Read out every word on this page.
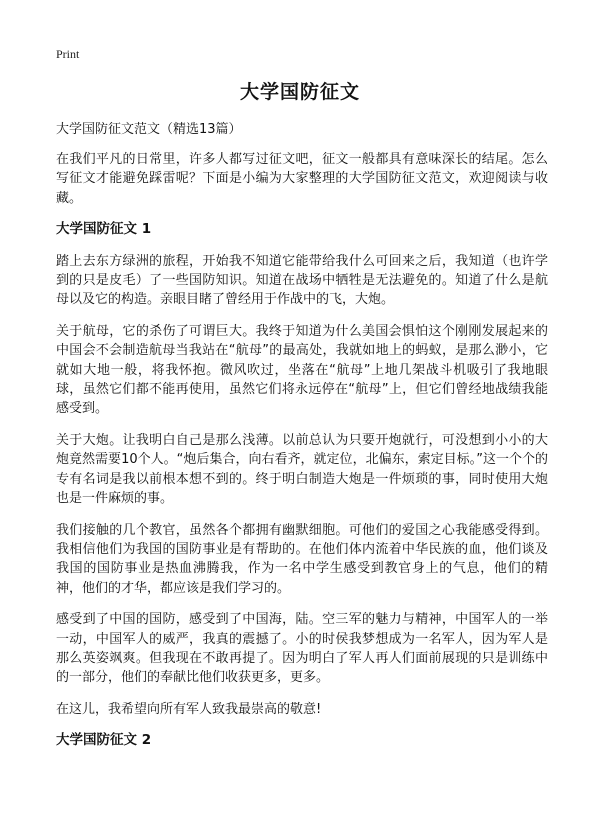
Print
大学国防征文
大学国防征文范文（精选13篇）

在我们平凡的日常里，许多人都写过征文吧，征文一般都具有意味深长的结尾。怎么写征文才能避免踩雷呢？下面是小编为大家整理的大学国防征文范文，欢迎阅读与收藏。

大学国防征文 1

踏上去东方绿洲的旅程，开始我不知道它能带给我什么可回来之后，我知道（也许学到的只是皮毛）了一些国防知识。知道在战场中牺牲是无法避免的。知道了什么是航母以及它的构造。亲眼目睹了曾经用于作战中的飞，大炮。

关于航母，它的杀伤了可谓巨大。我终于知道为什么美国会惧怕这个刚刚发展起来的中国会不会制造航母当我站在“航母”的最高处，我就如地上的蚂蚁，是那么渺小，它就如大地一般，将我怀抱。微风吹过，坐落在“航母”上地几架战斗机吸引了我地眼球，虽然它们都不能再使用，虽然它们将永远停在“航母”上，但它们曾经地战绩我能感受到。

关于大炮。让我明白自己是那么浅薄。以前总认为只要开炮就行，可没想到小小的大炮竟然需要10个人。“炮后集合，向右看齐，就定位，北偏东，索定目标。”这一个个的专有名词是我以前根本想不到的。终于明白制造大炮是一件烦琐的事，同时使用大炮也是一件麻烦的事。

我们接触的几个教官，虽然各个都拥有幽默细胞。可他们的爱国之心我能感受得到。我相信他们为我国的国防事业是有帮助的。在他们体内流着中华民族的血，他们谈及我国的国防事业是热血沸腾我，作为一名中学生感受到教官身上的气息，他们的精神，他们的才华，都应该是我们学习的。

感受到了中国的国防，感受到了中国海，陆。空三军的魅力与精神，中国军人的一举一动，中国军人的威严，我真的震撼了。小的时侯我梦想成为一名军人，因为军人是那么英姿飒爽。但我现在不敢再提了。因为明白了军人再人们面前展现的只是训练中的一部分，他们的奉献比他们收获更多，更多。

在这儿，我希望向所有军人致我最崇高的敬意!

大学国防征文 2
